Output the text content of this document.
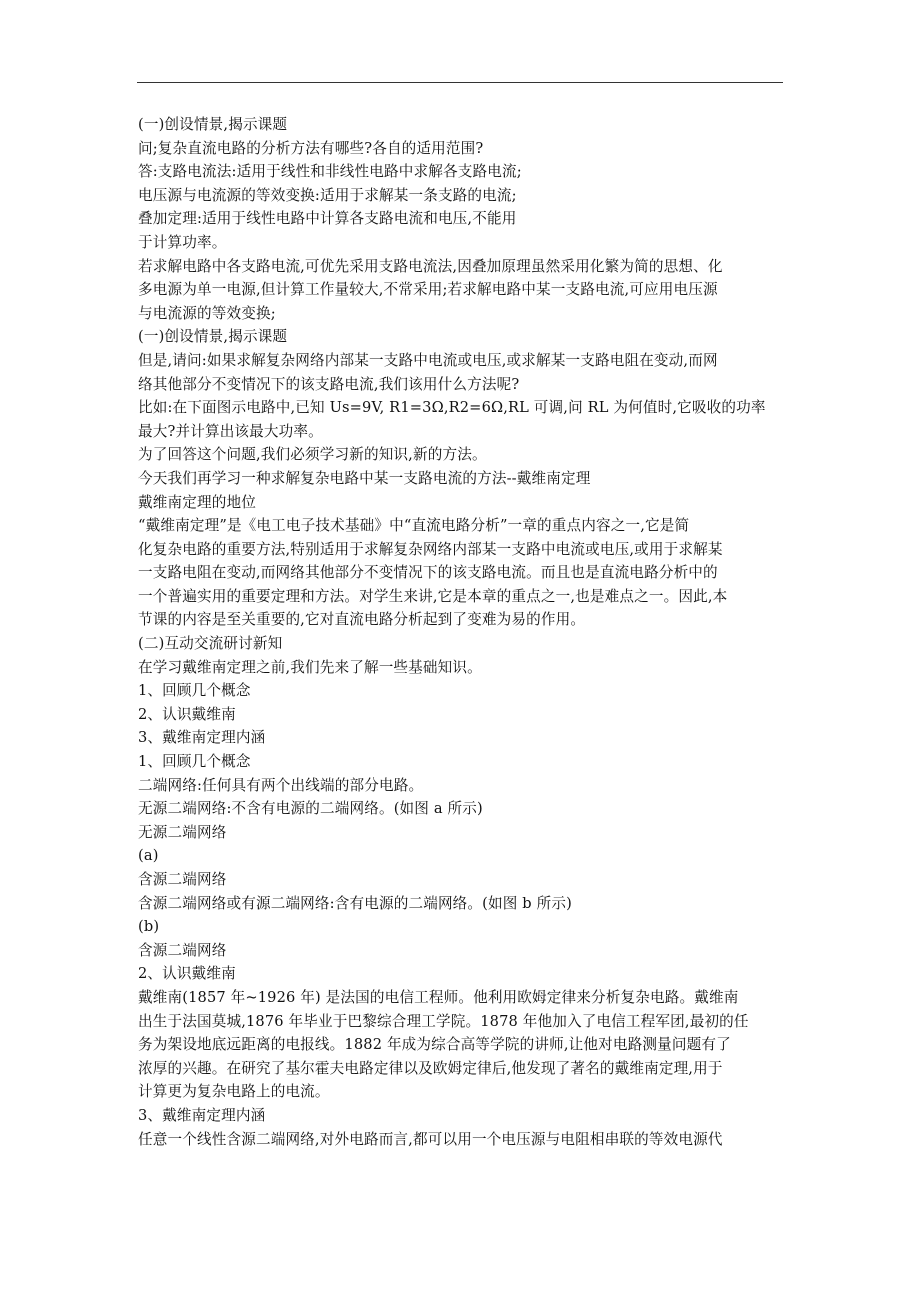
(一)创设情景,揭示课题
问;复杂直流电路的分析方法有哪些?各自的适用范围?
答:支路电流法:适用于线性和非线性电路中求解各支路电流;
电压源与电流源的等效变换:适用于求解某一条支路的电流;
叠加定理:适用于线性电路中计算各支路电流和电压,不能用
于计算功率。
若求解电路中各支路电流,可优先采用支路电流法,因叠加原理虽然采用化繁为简的思想、化
多电源为单一电源,但计算工作量较大,不常采用;若求解电路中某一支路电流,可应用电压源
与电流源的等效变换;
(一)创设情景,揭示课题
但是,请问:如果求解复杂网络内部某一支路中电流或电压,或求解某一支路电阻在变动,而网
络其他部分不变情况下的该支路电流,我们该用什么方法呢?
比如:在下面图示电路中,已知 Us=9V, R1=3Ω,R2=6Ω,RL 可调,问 RL 为何值时,它吸收的功率
最大?并计算出该最大功率。
为了回答这个问题,我们必须学习新的知识,新的方法。
今天我们再学习一种求解复杂电路中某一支路电流的方法--戴维南定理
戴维南定理的地位
“戴维南定理”是《电工电子技术基础》中“直流电路分析”一章的重点内容之一,它是简
化复杂电路的重要方法,特别适用于求解复杂网络内部某一支路中电流或电压,或用于求解某
一支路电阻在变动,而网络其他部分不变情况下的该支路电流。而且也是直流电路分析中的
一个普遍实用的重要定理和方法。对学生来讲,它是本章的重点之一,也是难点之一。因此,本
节课的内容是至关重要的,它对直流电路分析起到了变难为易的作用。
(二)互动交流研讨新知
在学习戴维南定理之前,我们先来了解一些基础知识。
1、回顾几个概念
2、认识戴维南
3、戴维南定理内涵
1、回顾几个概念
二端网络:任何具有两个出线端的部分电路。
无源二端网络:不含有电源的二端网络。(如图 a 所示)
无源二端网络
(a)
含源二端网络
含源二端网络或有源二端网络:含有电源的二端网络。(如图 b 所示)
(b)
含源二端网络
2、认识戴维南
戴维南(1857 年~1926 年) 是法国的电信工程师。他利用欧姆定律来分析复杂电路。戴维南
出生于法国莫城,1876 年毕业于巴黎综合理工学院。1878 年他加入了电信工程军团,最初的任
务为架设地底远距离的电报线。1882 年成为综合高等学院的讲师,让他对电路测量问题有了
浓厚的兴趣。在研究了基尔霍夫电路定律以及欧姆定律后,他发现了著名的戴维南定理,用于
计算更为复杂电路上的电流。
3、戴维南定理内涵
任意一个线性含源二端网络,对外电路而言,都可以用一个电压源与电阻相串联的等效电源代
